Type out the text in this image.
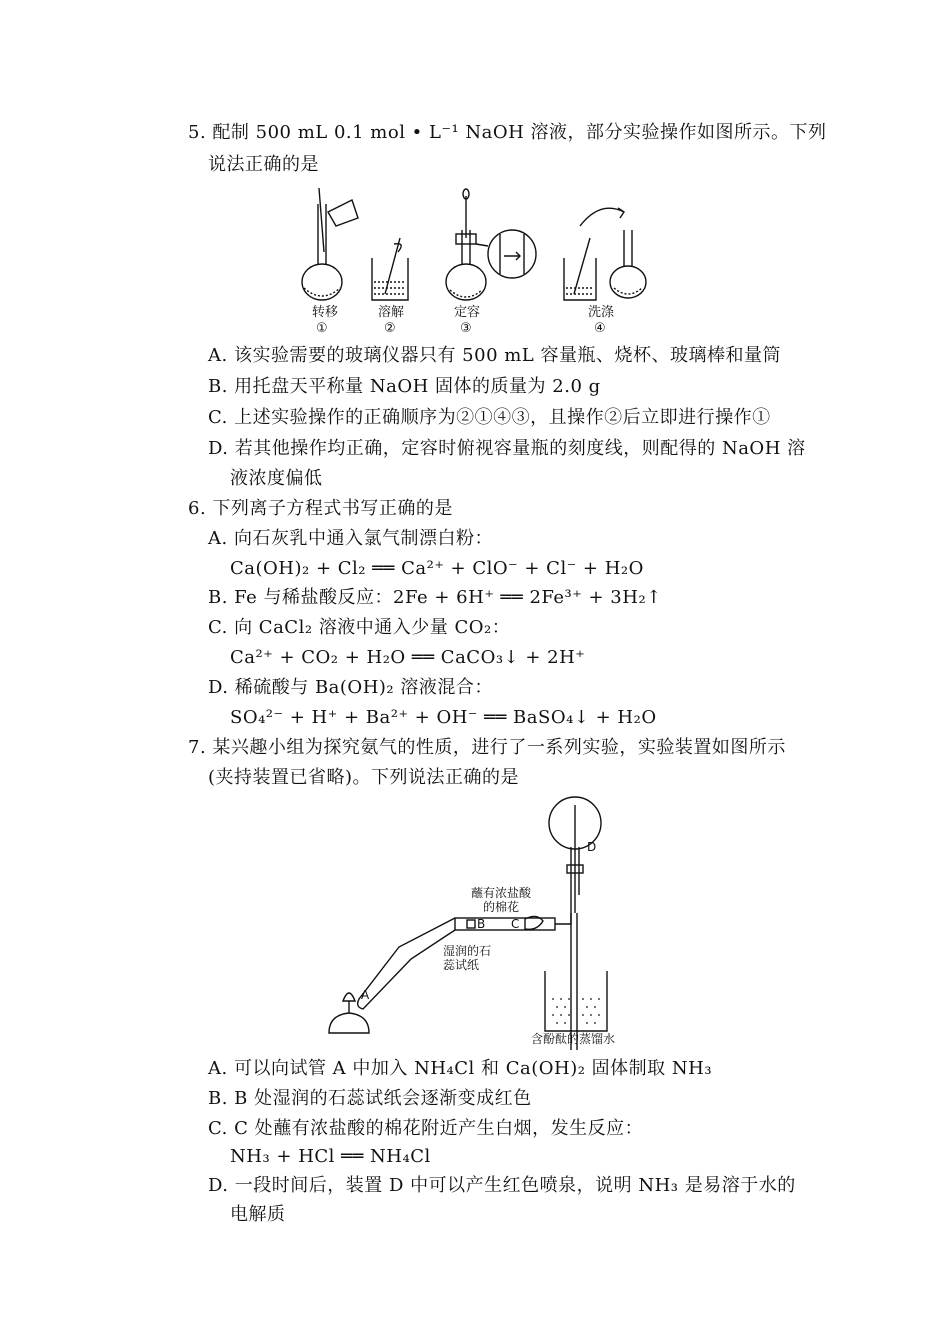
5. 配制 500 mL 0.1 mol • L⁻¹ NaOH 溶液，部分实验操作如图所示。下列
说法正确的是
转移
①
溶解
②
定容
③
洗涤
④
A. 该实验需要的玻璃仪器只有 500 mL 容量瓶、烧杯、玻璃棒和量筒
B. 用托盘天平称量 NaOH 固体的质量为 2.0 g
C. 上述实验操作的正确顺序为②①④③，且操作②后立即进行操作①
D. 若其他操作均正确，定容时俯视容量瓶的刻度线，则配得的 NaOH 溶
液浓度偏低
6. 下列离子方程式书写正确的是
A. 向石灰乳中通入氯气制漂白粉：
Ca(OH)₂ + Cl₂ ══ Ca²⁺ + ClO⁻ + Cl⁻ + H₂O
B. Fe 与稀盐酸反应：2Fe + 6H⁺ ══ 2Fe³⁺ + 3H₂↑
C. 向 CaCl₂ 溶液中通入少量 CO₂：
Ca²⁺ + CO₂ + H₂O ══ CaCO₃↓ + 2H⁺
D. 稀硫酸与 Ba(OH)₂ 溶液混合：
SO₄²⁻ + H⁺ + Ba²⁺ + OH⁻ ══ BaSO₄↓ + H₂O
7. 某兴趣小组为探究氨气的性质，进行了一系列实验，实验装置如图所示
(夹持装置已省略)。下列说法正确的是
蘸有浓盐酸
的棉花
湿润的石
蕊试纸
含酚酞的蒸馏水
A
B C
D
A. 可以向试管 A 中加入 NH₄Cl 和 Ca(OH)₂ 固体制取 NH₃
B. B 处湿润的石蕊试纸会逐渐变成红色
C. C 处蘸有浓盐酸的棉花附近产生白烟，发生反应：
NH₃ + HCl ══ NH₄Cl
D. 一段时间后，装置 D 中可以产生红色喷泉，说明 NH₃ 是易溶于水的
电解质
